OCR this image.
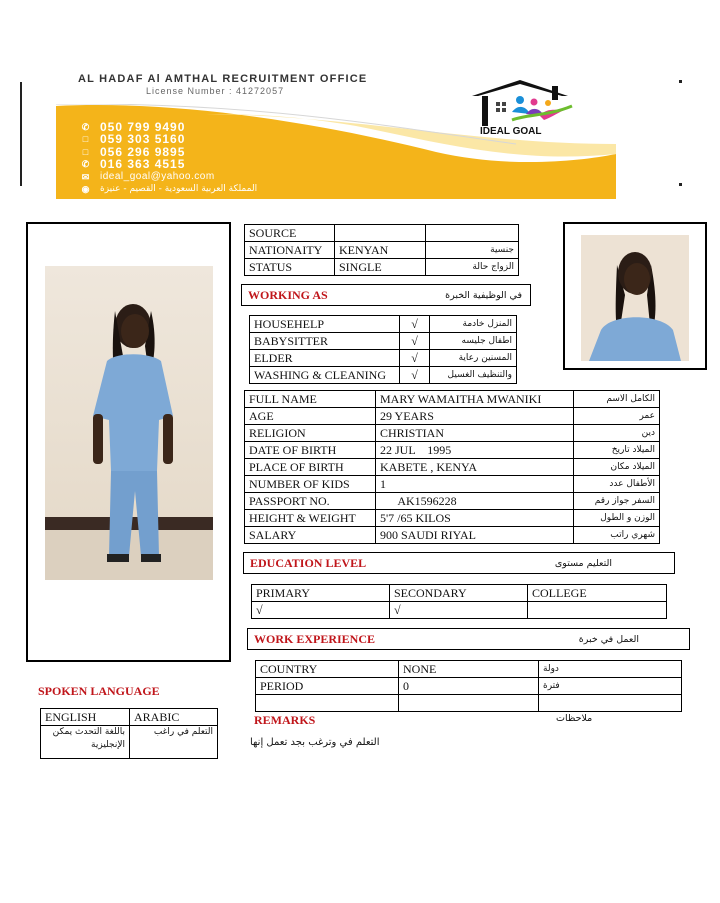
AL HADAF Al AMTHAL RECRUITMENT OFFICE
License Number : 41272057
✆ 050 799 9490
□ 059 303 5160
□ 056 296 9895
✆ 016 363 4515
✉ ideal_goal@yahoo.com
◉ المملكة العربية السعودية - القصيم - عنيزة
IDEAL GOAL
SOURCE		
NATIONAITY	KENYAN	جنسية
STATUS	SINGLE	الزواج حالة
WORKING AS	في الوظيفية الخبرة
HOUSEHELP	√	المنزل خادمة
BABYSITTER	√	اطفال جليسه
ELDER	√	المسنين رعاية
WASHING & CLEANING	√	والتنظيف الغسيل
FULL NAME	MARY WAMAITHA MWANIKI	الكامل الاسم
AGE	29 YEARS	عمر
RELIGION	CHRISTIAN	دين
DATE OF BIRTH	22 JUL    1995	الميلاد تاريخ
PLACE OF BIRTH	KABETE , KENYA	الميلاد مكان
NUMBER OF KIDS	1	الأطفال عدد
PASSPORT NO.	AK1596228	السفر جواز رقم
HEIGHT & WEIGHT	5'7 /65 KILOS	الوزن و الطول
SALARY	900 SAUDI RIYAL	شهري راتب
EDUCATION LEVEL	التعليم مستوى
PRIMARY	SECONDARY	COLLEGE
√	√	
WORK EXPERIENCE	العمل في خبرة
COUNTRY	NONE	دولة
PERIOD	0	فترة

REMARKS	ملاحظات
التعلم في وترغب بجد تعمل إنها
SPOKEN LANGUAGE
ENGLISH	ARABIC
باللغة التحدث يمكن الإنجليزية	التعلم في راغب
